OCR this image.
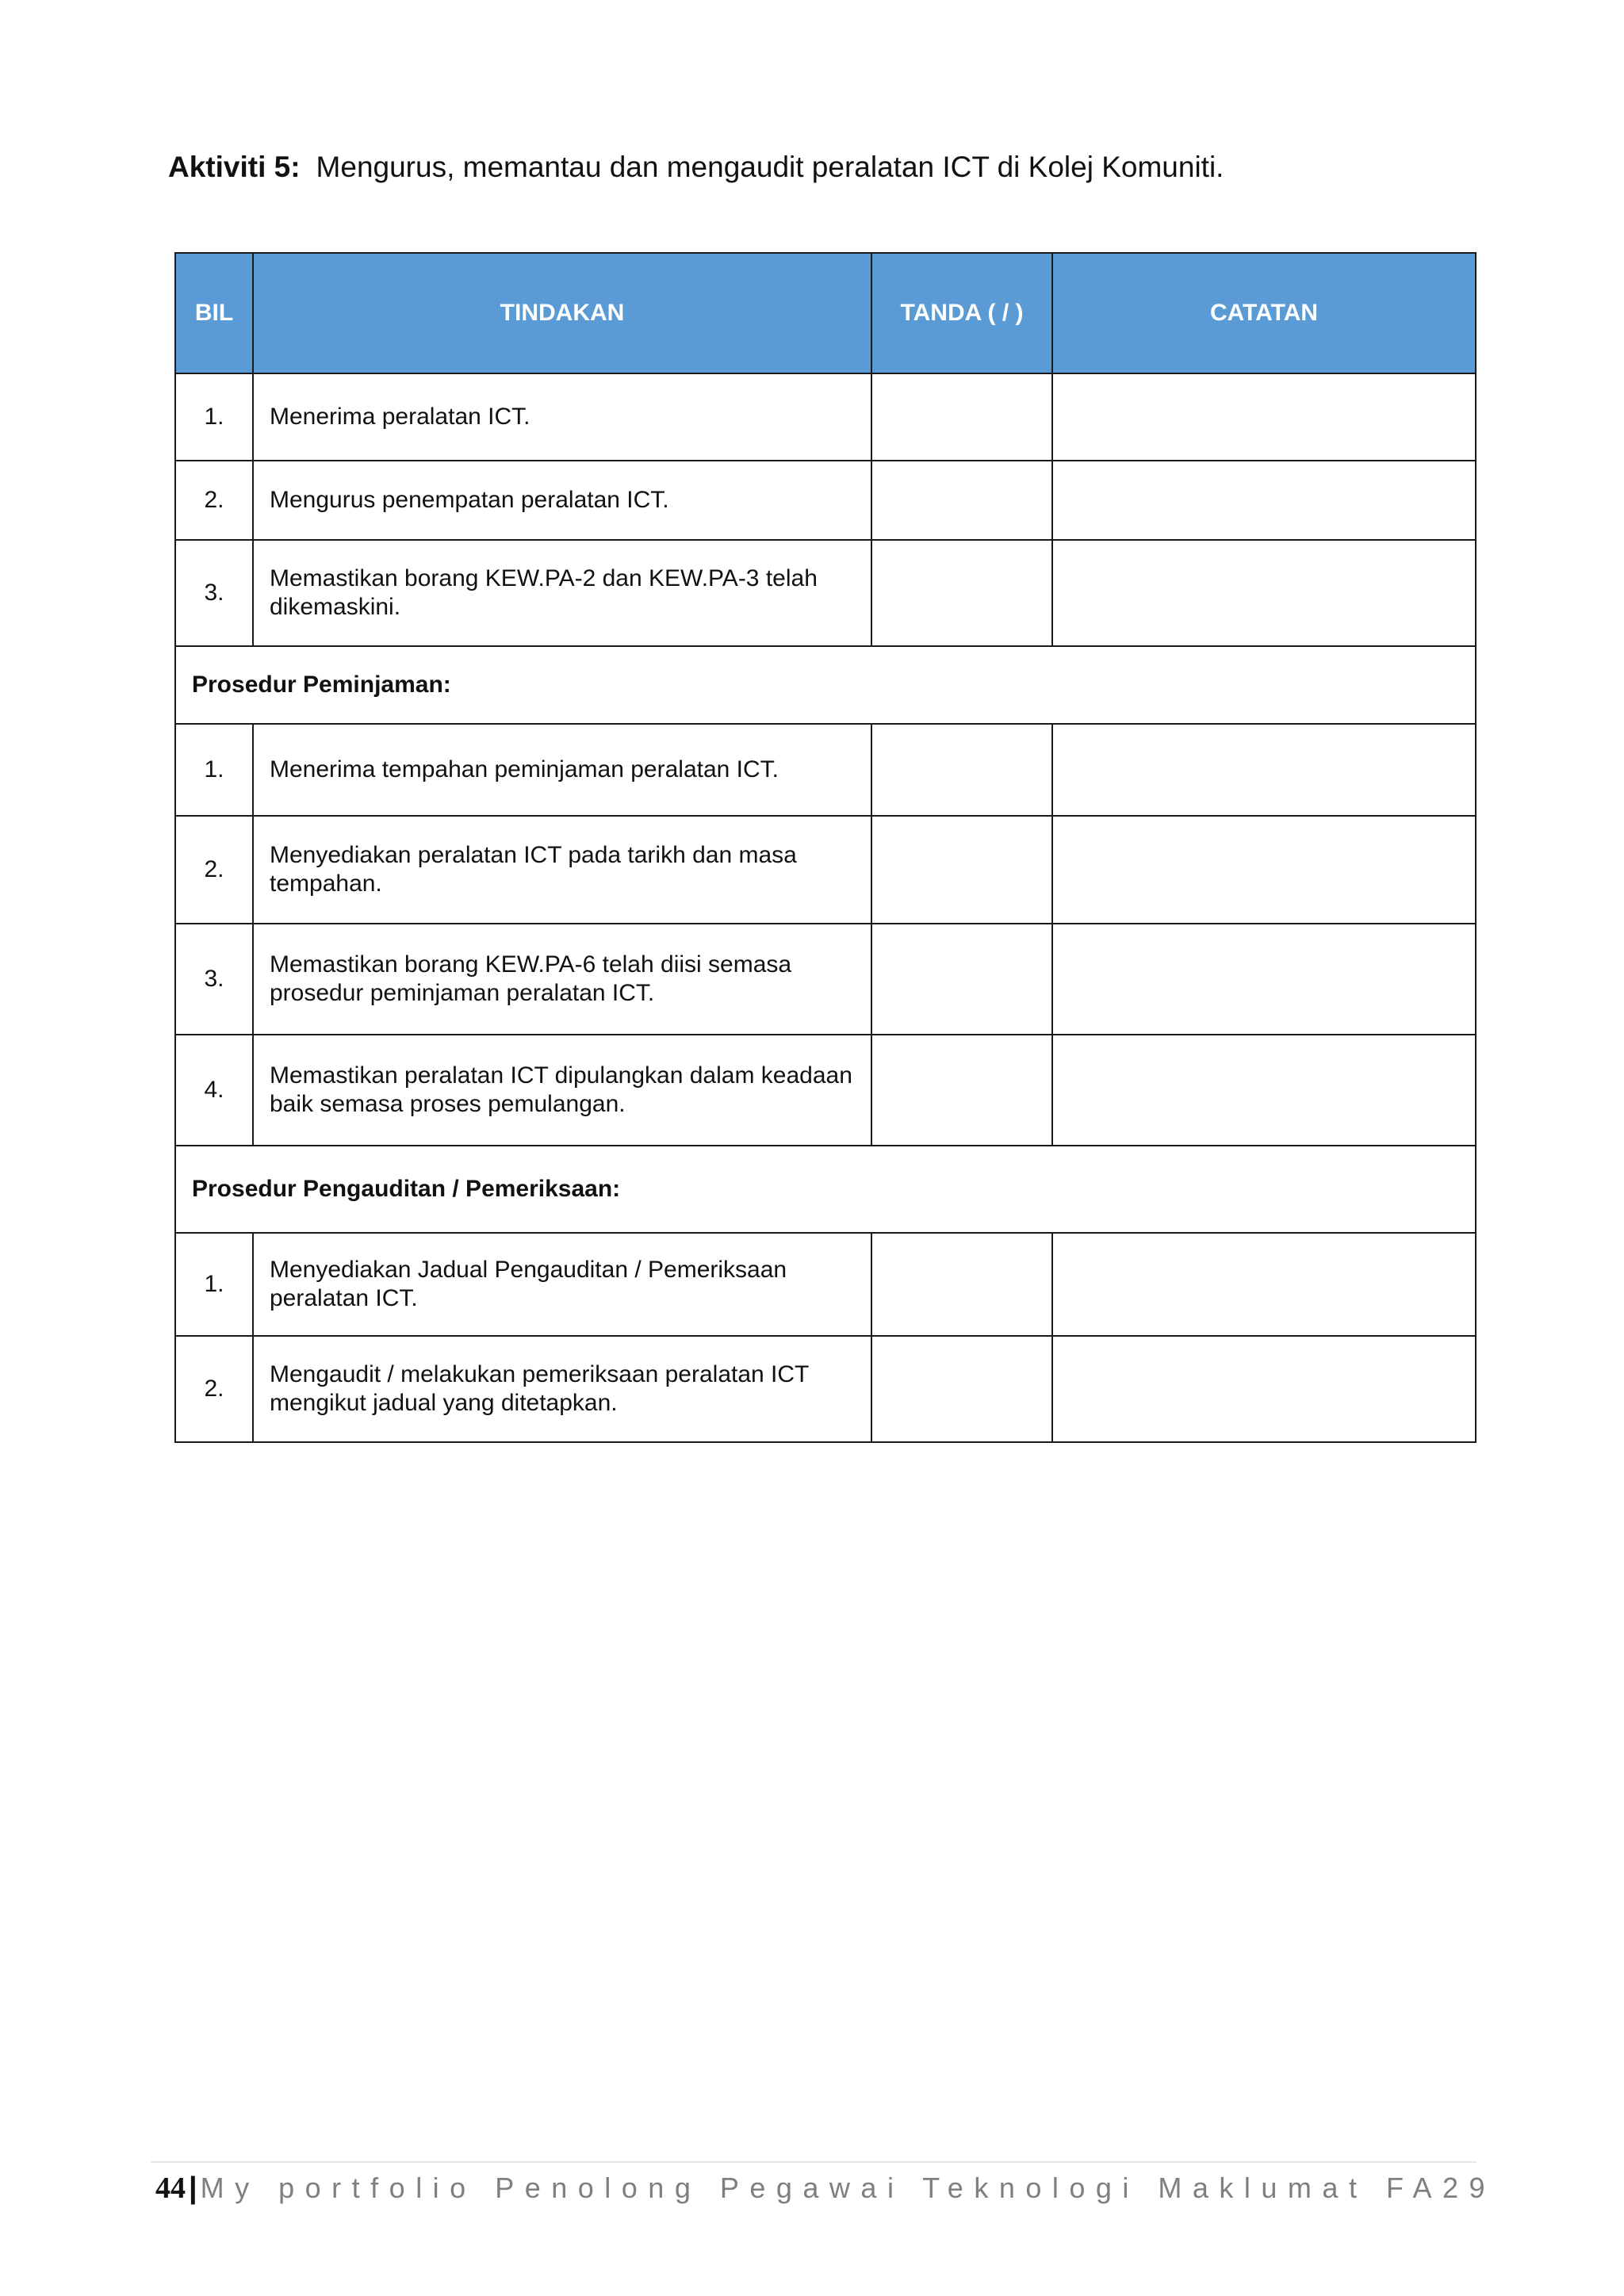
Aktiviti 5: Mengurus, memantau dan mengaudit peralatan ICT di Kolej Komuniti.
BIL	TINDAKAN	TANDA ( / )	CATATAN
1.	Menerima peralatan ICT.		
2.	Mengurus penempatan peralatan ICT.		
3.	Memastikan borang KEW.PA-2 dan KEW.PA-3 telah dikemaskini.		
Prosedur Peminjaman:			
1.	Menerima tempahan peminjaman peralatan ICT.		
2.	Menyediakan peralatan ICT pada tarikh dan masa tempahan.		
3.	Memastikan borang KEW.PA-6 telah diisi semasa prosedur peminjaman peralatan ICT.		
4.	Memastikan peralatan ICT dipulangkan dalam keadaan baik semasa proses pemulangan.		
Prosedur Pengauditan / Pemeriksaan:			
1.	Menyediakan Jadual Pengauditan / Pemeriksaan peralatan ICT.		
2.	Mengaudit / melakukan pemeriksaan peralatan ICT mengikut jadual yang ditetapkan.		
44 | My portfolio Penolong Pegawai Teknologi Maklumat FA29
